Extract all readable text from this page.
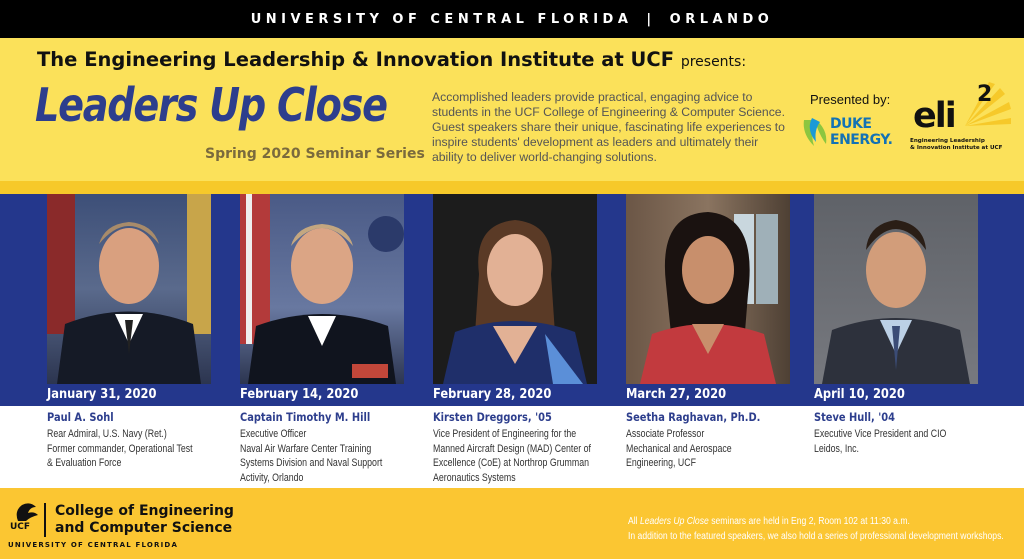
UNIVERSITY OF CENTRAL FLORIDA | ORLANDO
The Engineering Leadership & Innovation Institute at UCF presents:
Leaders Up Close
Spring 2020 Seminar Series
Accomplished leaders provide practical, engaging advice to students in the UCF College of Engineering & Computer Science. Guest speakers share their unique, fascinating life experiences to inspire students' development as leaders and ultimately their ability to deliver world-changing solutions.
Presented by:
DUKE
ENERGY.
eli
2
Engineering Leadership
& Innovation Institute at UCF
January 31, 2020
Paul A. Sohl
Rear Admiral, U.S. Navy (Ret.)
Former commander, Operational Test
& Evaluation Force
February 14, 2020
Captain Timothy M. Hill
Executive Officer
Naval Air Warfare Center Training
Systems Division and Naval Support
Activity, Orlando
February 28, 2020
Kirsten Dreggors, '05
Vice President of Engineering for the
Manned Aircraft Design (MAD) Center of
Excellence (CoE) at Northrop Grumman
Aeronautics Systems
March 27, 2020
Seetha Raghavan, Ph.D.
Associate Professor
Mechanical and Aerospace
Engineering, UCF
April 10, 2020
Steve Hull, '04
Executive Vice President and CIO
Leidos, Inc.
UCF
College of Engineering
and Computer Science
UNIVERSITY OF CENTRAL FLORIDA
All Leaders Up Close seminars are held in Eng 2, Room 102 at 11:30 a.m.
In addition to the featured speakers, we also hold a series of professional development workshops.
